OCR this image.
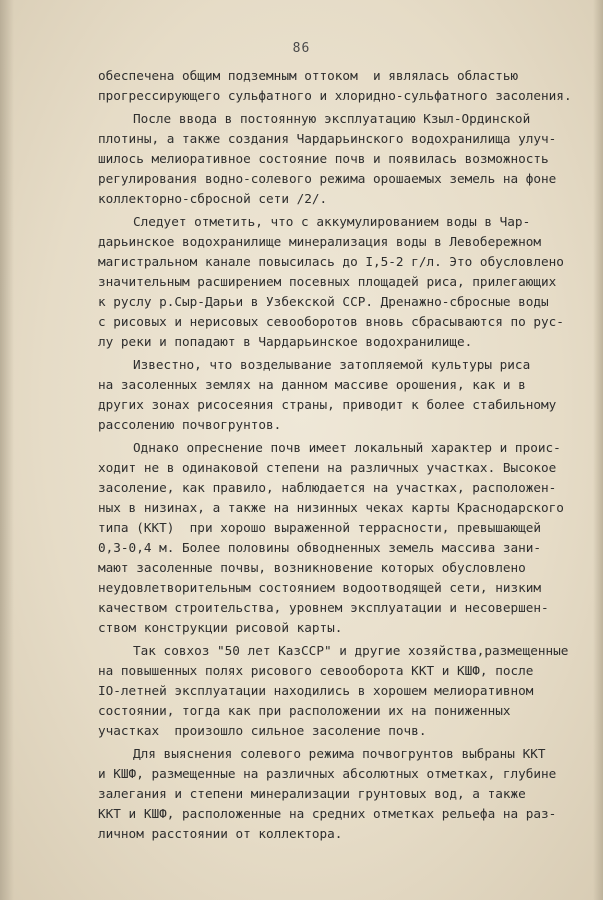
86
обеспечена общим подземным оттоком  и являлась областью
прогрессирующего сульфатного и хлоридно-сульфатного засоления.
После ввода в постоянную эксплуатацию Кзыл-Ординской
плотины, а также создания Чардарьинского водохранилища улуч-
шилось мелиоративное состояние почв и появилась возможность
регулирования водно-солевого режима орошаемых земель на фоне
коллекторно-сбросной сети /2/.
Следует отметить, что с аккумулированием воды в Чар-
дарьинское водохранилище минерализация воды в Левобережном
магистральном канале повысилась до I,5-2 г/л. Это обусловлено
значительным расширением посевных площадей риса, прилегающих
к руслу р.Сыр-Дарьи в Узбекской ССР. Дренажно-сбросные воды
с рисовых и нерисовых севооборотов вновь сбрасываются по рус-
лу реки и попадают в Чардарьинское водохранилище.
Известно, что возделывание затопляемой культуры риса
на засоленных землях на данном массиве орошения, как и в
других зонах рисосеяния страны, приводит к более стабильному
рассолению почвогрунтов.
Однако опреснение почв имеет локальный характер и проис-
ходит не в одинаковой степени на различных участках. Высокое
засоление, как правило, наблюдается на участках, расположен-
ных в низинах, а также на низинных чеках карты Краснодарского
типа (ККТ)  при хорошо выраженной террасности, превышающей
0,3-0,4 м. Более половины обводненных земель массива зани-
мают засоленные почвы, возникновение которых обусловлено
неудовлетворительным состоянием водоотводящей сети, низким
качеством строительства, уровнем эксплуатации и несовершен-
ством конструкции рисовой карты.
Так совхоз "50 лет КазССР" и другие хозяйства,размещенные
на повышенных полях рисового севооборота ККТ и КШФ, после
IO-летней эксплуатации находились в хорошем мелиоративном
состоянии, тогда как при расположении их на пониженных
участках  произошло сильное засоление почв.
Для выяснения солевого режима почвогрунтов выбраны ККТ
и КШФ, размещенные на различных абсолютных отметках, глубине
залегания и степени минерализации грунтовых вод, а также
ККТ и КШФ, расположенные на средних отметках рельефа на раз-
личном расстоянии от коллектора.
